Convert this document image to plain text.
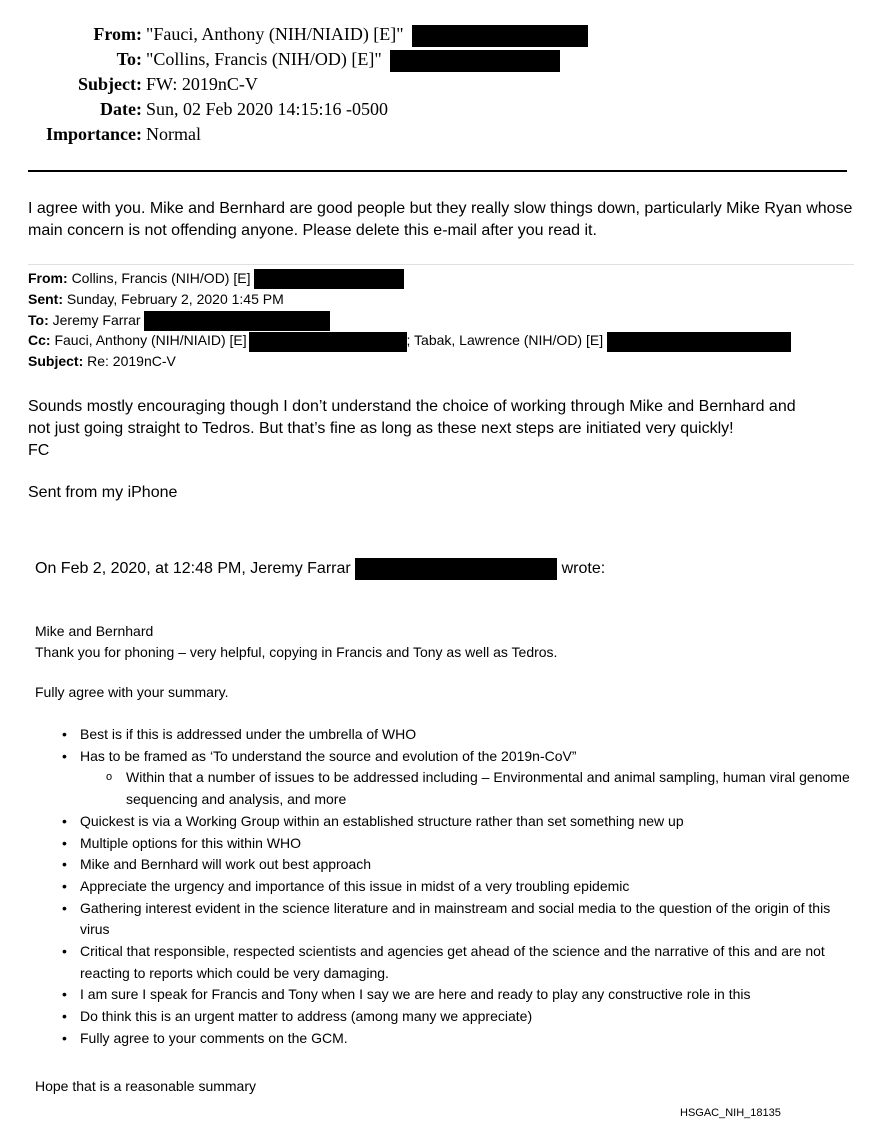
From: "Fauci, Anthony (NIH/NIAID) [E]"
To: "Collins, Francis (NIH/OD) [E]"
Subject: FW: 2019nC-V
Date: Sun, 02 Feb 2020 14:15:16 -0500
Importance: Normal
I agree with you. Mike and Bernhard are good people but they really slow things down, particularly Mike Ryan whose main concern is not offending anyone. Please delete this e-mail after you read it.
From: Collins, Francis (NIH/OD) [E]
Sent: Sunday, February 2, 2020 1:45 PM
To: Jeremy Farrar
Cc: Fauci, Anthony (NIH/NIAID) [E]	; Tabak, Lawrence (NIH/OD) [E]
Subject: Re: 2019nC-V
Sounds mostly encouraging though I don’t understand the choice of working through Mike and Bernhard and
not just going straight to Tedros. But that’s fine as long as these next steps are initiated very quickly!
FC
Sent from my iPhone
On Feb 2, 2020, at 12:48 PM, Jeremy Farrar	wrote:
Mike and Bernhard
Thank you for phoning – very helpful, copying in Francis and Tony as well as Tedros.
Fully agree with your summary.
• Best is if this is addressed under the umbrella of WHO
• Has to be framed as ‘To understand the source and evolution of the 2019n-CoV”
o Within that a number of issues to be addressed including – Environmental and animal sampling, human viral genome sequencing and analysis, and more
• Quickest is via a Working Group within an established structure rather than set something new up
• Multiple options for this within WHO
• Mike and Bernhard will work out best approach
• Appreciate the urgency and importance of this issue in midst of a very troubling epidemic
• Gathering interest evident in the science literature and in mainstream and social media to the question of the origin of this virus
• Critical that responsible, respected scientists and agencies get ahead of the science and the narrative of this and are not reacting to reports which could be very damaging.
• I am sure I speak for Francis and Tony when I say we are here and ready to play any constructive role in this
• Do think this is an urgent matter to address (among many we appreciate)
• Fully agree to your comments on the GCM.
Hope that is a reasonable summary
HSGAC_NIH_18135
